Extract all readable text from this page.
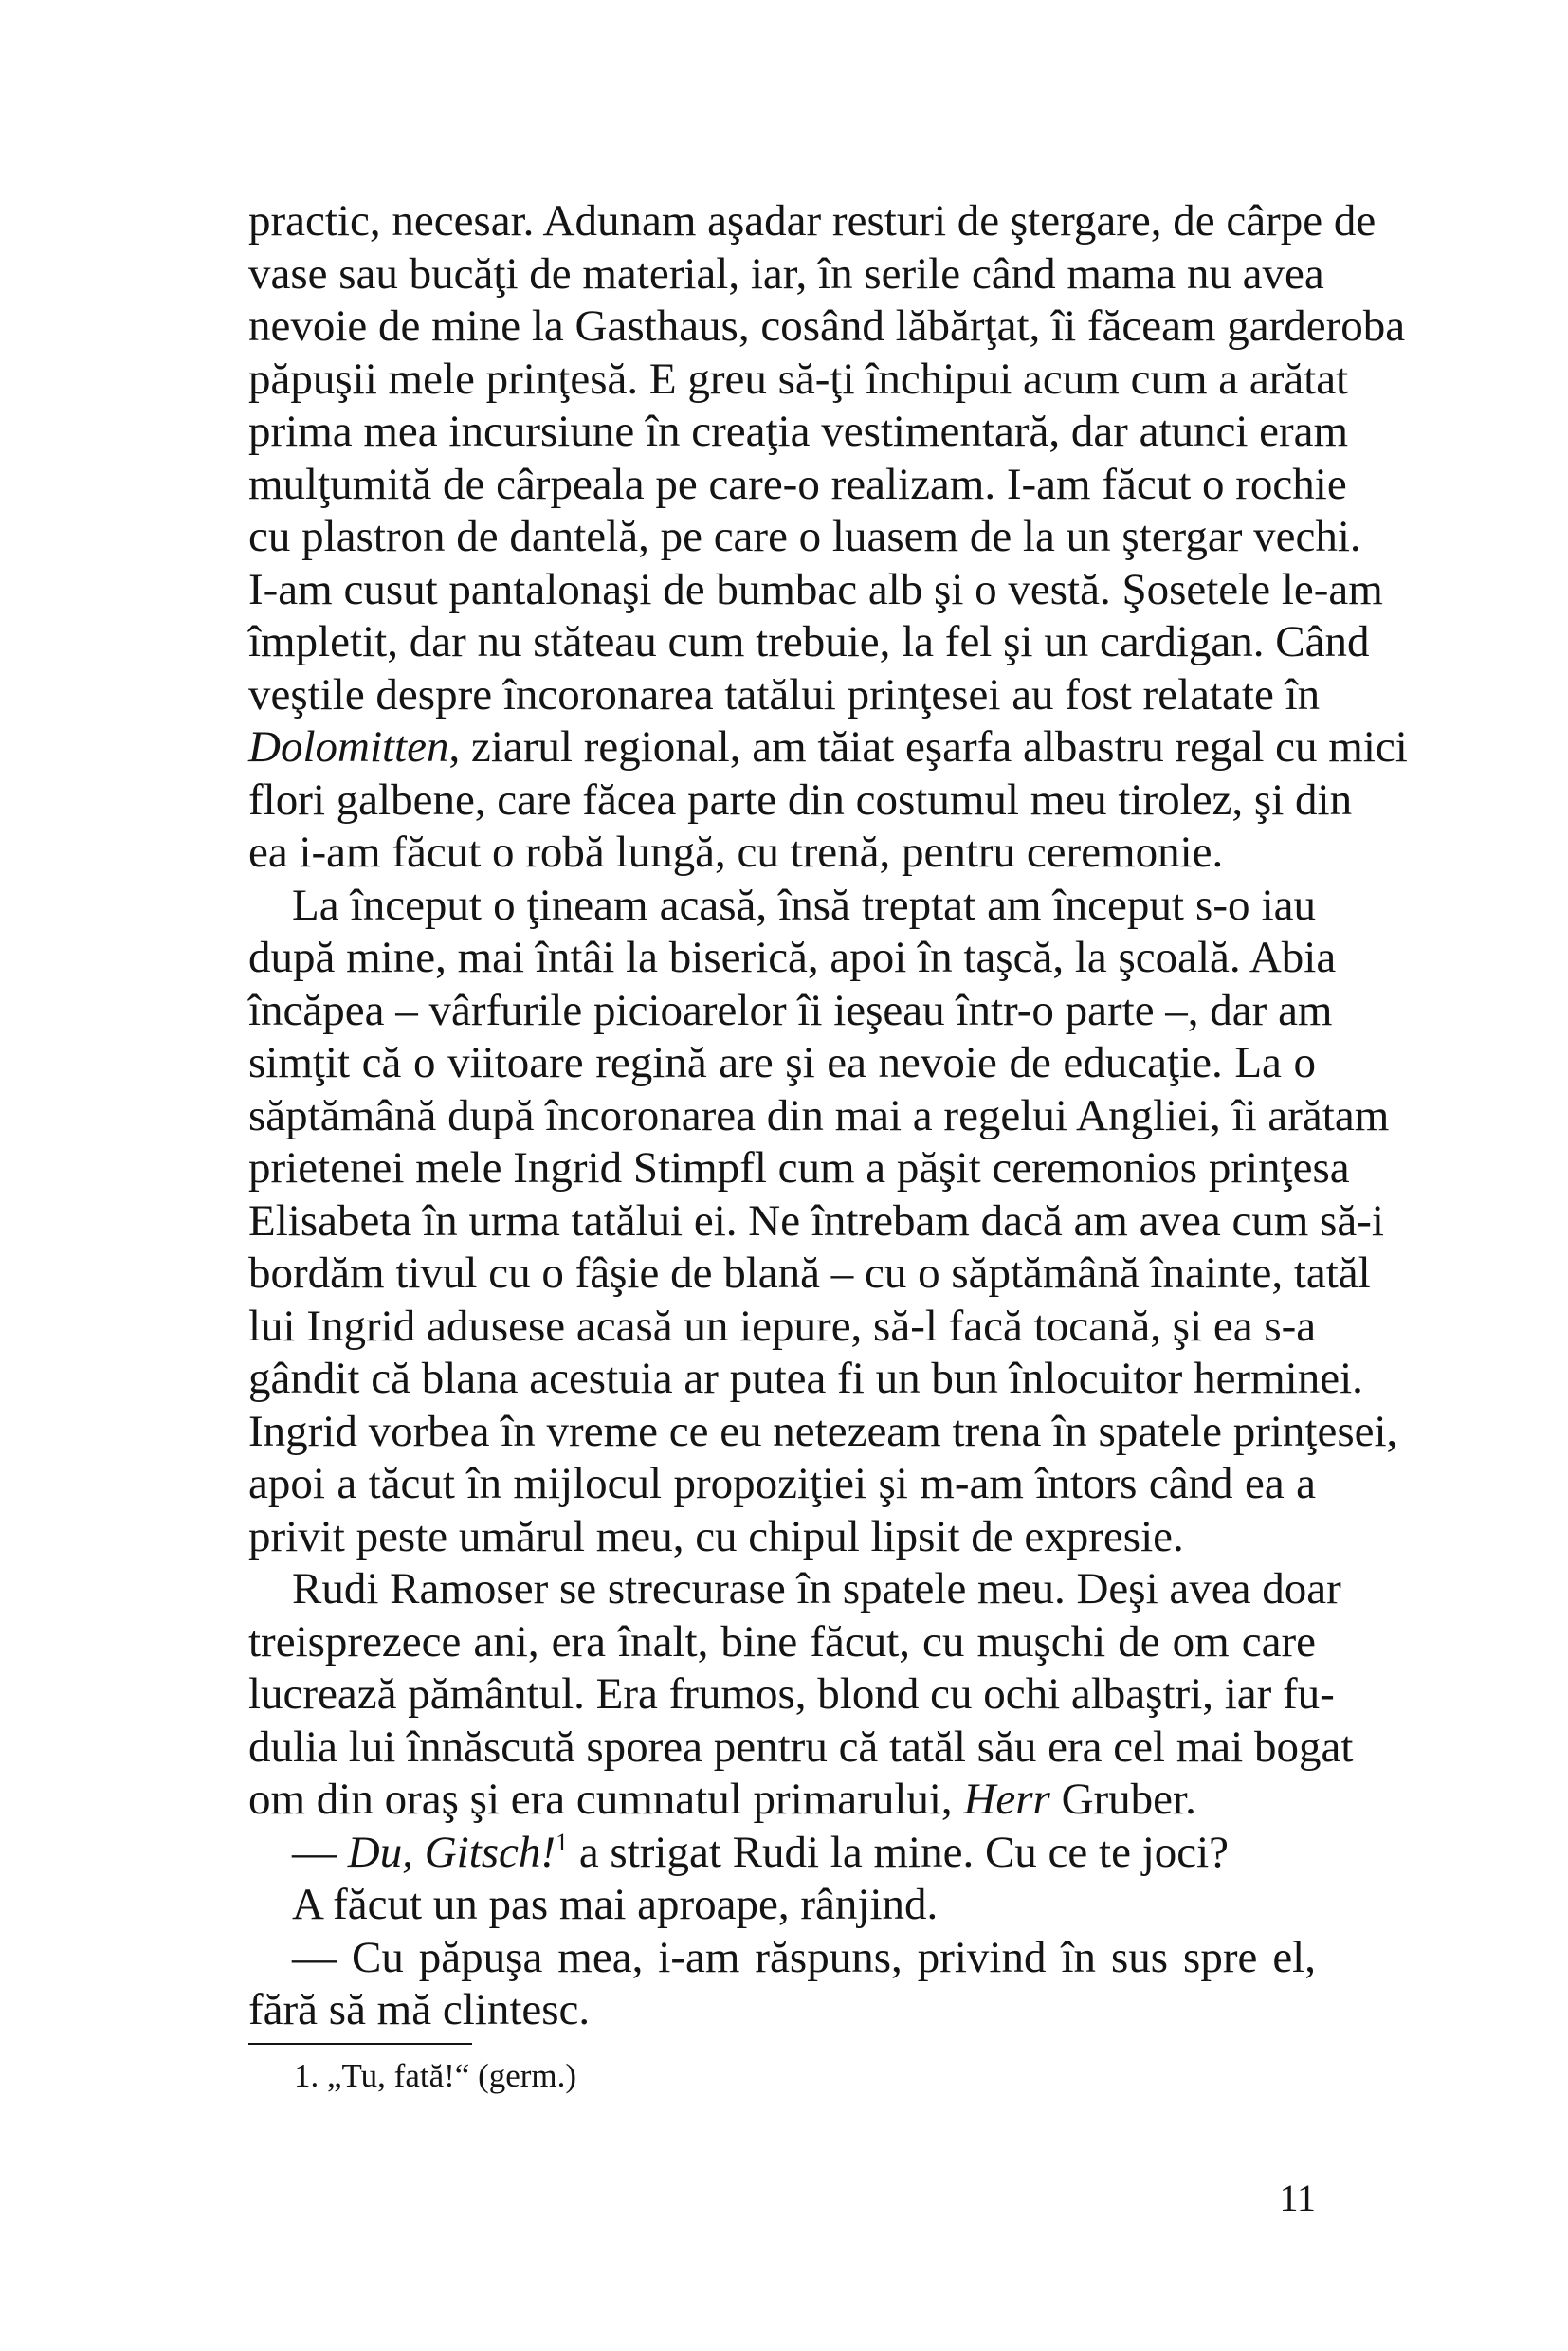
practic, necesar. Adunam aşadar resturi de ştergare, de cârpe de
vase sau bucăţi de material, iar, în serile când mama nu avea
nevoie de mine la Gasthaus, cosând lăbărţat, îi făceam garderoba
păpuşii mele prinţesă. E greu să-ţi închipui acum cum a arătat
prima mea incursiune în creaţia vestimentară, dar atunci eram
mulţumită de cârpeala pe care-o realizam. I-am făcut o rochie
cu plastron de dantelă, pe care o luasem de la un ştergar vechi.
I-am cusut pantalonaşi de bumbac alb şi o vestă. Şosetele le-am
împletit, dar nu stăteau cum trebuie, la fel şi un cardigan. Când
veştile despre încoronarea tatălui prinţesei au fost relatate în
Dolomitten, ziarul regional, am tăiat eşarfa albastru regal cu mici
flori galbene, care făcea parte din costumul meu tirolez, şi din
ea i-am făcut o robă lungă, cu trenă, pentru ceremonie.
La început o ţineam acasă, însă treptat am început s-o iau
după mine, mai întâi la biserică, apoi în taşcă, la şcoală. Abia
încăpea – vârfurile picioarelor îi ieşeau într-o parte –, dar am
simţit că o viitoare regină are şi ea nevoie de educaţie. La o
săptămână după încoronarea din mai a regelui Angliei, îi arătam
prietenei mele Ingrid Stimpfl cum a păşit ceremonios prinţesa
Elisabeta în urma tatălui ei. Ne întrebam dacă am avea cum să-i
bordăm tivul cu o fâşie de blană – cu o săptămână înainte, tatăl
lui Ingrid adusese acasă un iepure, să-l facă tocană, şi ea s-a
gândit că blana acestuia ar putea fi un bun înlocuitor herminei.
Ingrid vorbea în vreme ce eu netezeam trena în spatele prinţesei,
apoi a tăcut în mijlocul propoziţiei şi m-am întors când ea a
privit peste umărul meu, cu chipul lipsit de expresie.
Rudi Ramoser se strecurase în spatele meu. Deşi avea doar
treisprezece ani, era înalt, bine făcut, cu muşchi de om care
lucrează pământul. Era frumos, blond cu ochi albaştri, iar fu-
dulia lui înnăscută sporea pentru că tatăl său era cel mai bogat
om din oraş şi era cumnatul primarului, Herr Gruber.
— Du, Gitsch!$^1$ a strigat Rudi la mine. Cu ce te joci?
A făcut un pas mai aproape, rânjind.
— Cu păpuşa mea, i-am răspuns, privind în sus spre el,
fără să mă clintesc.
1. „Tu, fată!“ (germ.)
11
